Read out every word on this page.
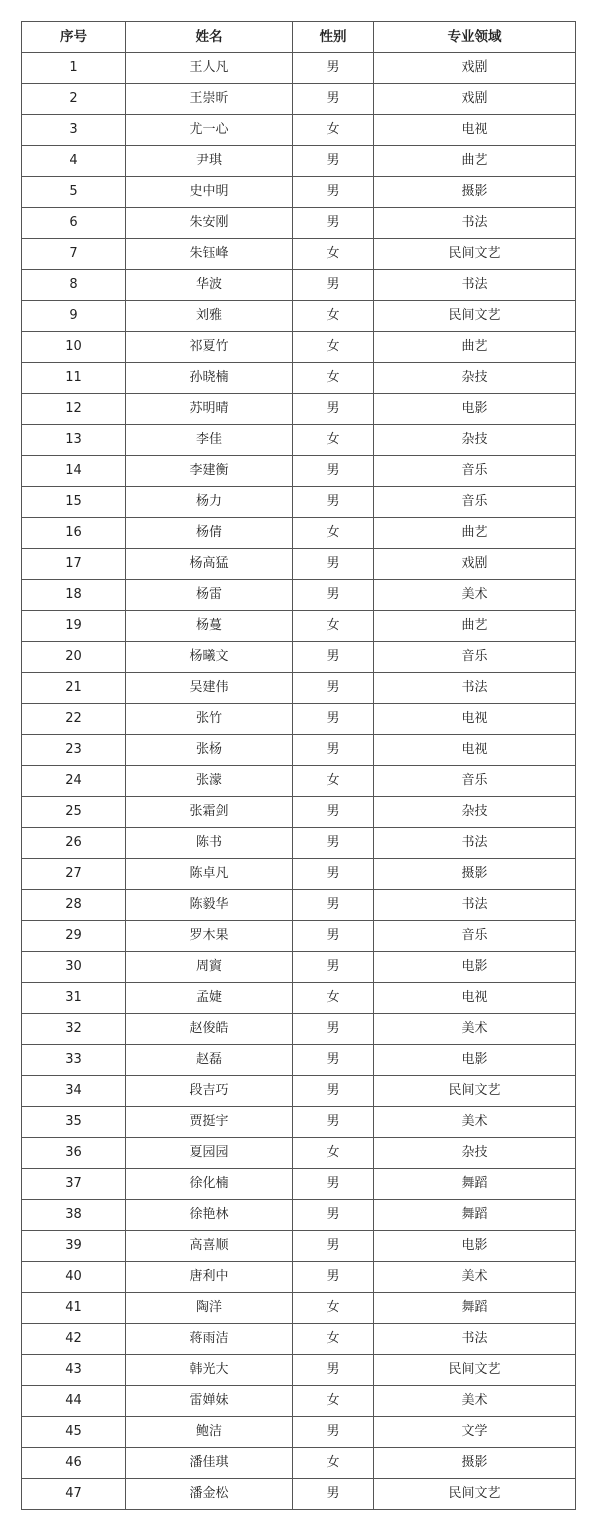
序号	姓名	性别	专业领域
1	王人凡	男	戏剧
2	王崇昕	男	戏剧
3	尤一心	女	电视
4	尹琪	男	曲艺
5	史中明	男	摄影
6	朱安刚	男	书法
7	朱钰峰	女	民间文艺
8	华波	男	书法
9	刘雅	女	民间文艺
10	祁夏竹	女	曲艺
11	孙晓楠	女	杂技
12	苏明晴	男	电影
13	李佳	女	杂技
14	李建衡	男	音乐
15	杨力	男	音乐
16	杨倩	女	曲艺
17	杨高猛	男	戏剧
18	杨雷	男	美术
19	杨蔓	女	曲艺
20	杨曦文	男	音乐
21	吴建伟	男	书法
22	张竹	男	电视
23	张杨	男	电视
24	张濛	女	音乐
25	张霜剑	男	杂技
26	陈书	男	书法
27	陈卓凡	男	摄影
28	陈毅华	男	书法
29	罗木果	男	音乐
30	周賨	男	电影
31	孟婕	女	电视
32	赵俊皓	男	美术
33	赵磊	男	电影
34	段吉巧	男	民间文艺
35	贾挺宇	男	美术
36	夏园园	女	杂技
37	徐化楠	男	舞蹈
38	徐艳林	男	舞蹈
39	高喜顺	男	电影
40	唐利中	男	美术
41	陶洋	女	舞蹈
42	蒋雨洁	女	书法
43	韩光大	男	民间文艺
44	雷婵妹	女	美术
45	鲍洁	男	文学
46	潘佳琪	女	摄影
47	潘金松	男	民间文艺
